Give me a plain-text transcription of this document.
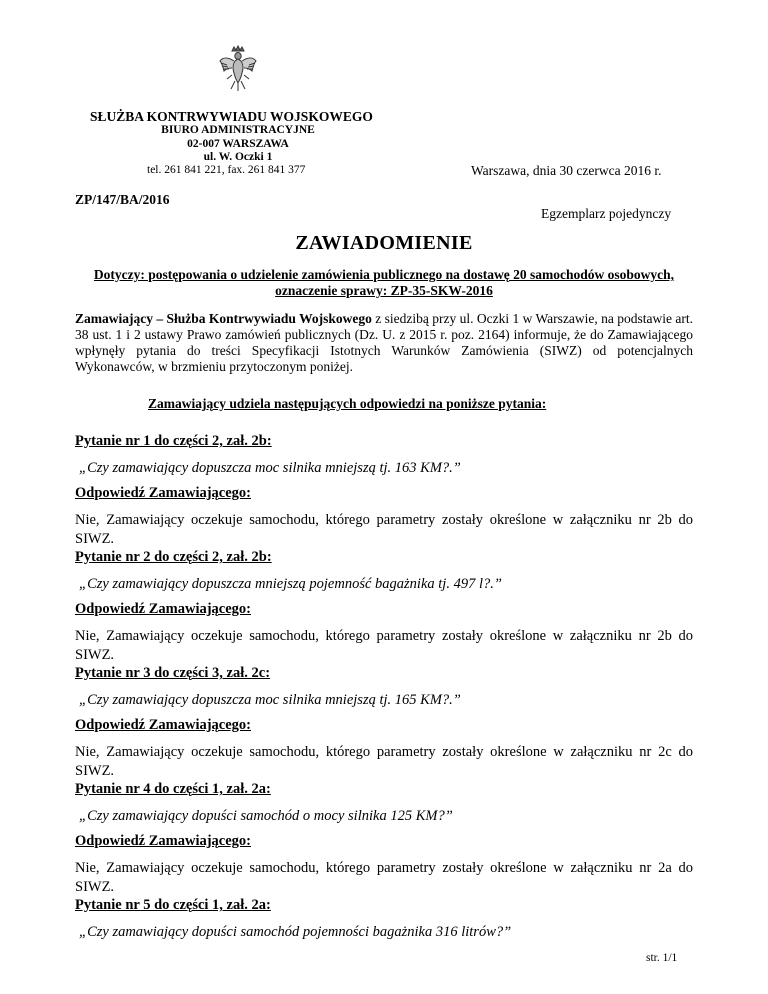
SŁUŻBA KONTRWYWIADU WOJSKOWEGO
BIURO ADMINISTRACYJNE
02-007 WARSZAWA
ul. W. Oczki 1
tel. 261 841 221, fax. 261 841 377	Warszawa, dnia 30 czerwca 2016 r.
ZP/147/BA/2016
Egzemplarz pojedynczy
ZAWIADOMIENIE
Dotyczy: postępowania o udzielenie zamówienia publicznego na dostawę 20 samochodów osobowych,
oznaczenie sprawy: ZP-35-SKW-2016
Zamawiający – Służba Kontrwywiadu Wojskowego z siedzibą przy ul. Oczki 1 w Warszawie, na podstawie art. 38 ust. 1 i 2 ustawy Prawo zamówień publicznych (Dz. U. z 2015 r. poz. 2164) informuje, że do Zamawiającego wpłynęły pytania do treści Specyfikacji Istotnych Warunków Zamówienia (SIWZ) od potencjalnych Wykonawców, w brzmieniu przytoczonym poniżej.
Zamawiający udziela następujących odpowiedzi na poniższe pytania:
Pytanie nr 1 do części 2, zał. 2b:
„Czy zamawiający dopuszcza moc silnika mniejszą tj. 163 KM?.”
Odpowiedź Zamawiającego:
Nie, Zamawiający oczekuje samochodu, którego parametry zostały określone w załączniku nr 2b do SIWZ.
Pytanie nr 2 do części 2, zał. 2b:
„Czy zamawiający dopuszcza mniejszą pojemność bagażnika tj. 497 l?.”
Odpowiedź Zamawiającego:
Nie, Zamawiający oczekuje samochodu, którego parametry zostały określone w załączniku nr 2b do SIWZ.
Pytanie nr 3 do części 3, zał. 2c:
„Czy zamawiający dopuszcza moc silnika mniejszą tj. 165 KM?.”
Odpowiedź Zamawiającego:
Nie, Zamawiający oczekuje samochodu, którego parametry zostały określone w załączniku nr 2c do SIWZ.
Pytanie nr 4 do części 1, zał. 2a:
„Czy zamawiający dopuści samochód o mocy silnika 125 KM?”
Odpowiedź Zamawiającego:
Nie, Zamawiający oczekuje samochodu, którego parametry zostały określone w załączniku nr 2a do SIWZ.
Pytanie nr 5 do części 1, zał. 2a:
„Czy zamawiający dopuści samochód pojemności bagażnika 316 litrów?”
str. 1/1
